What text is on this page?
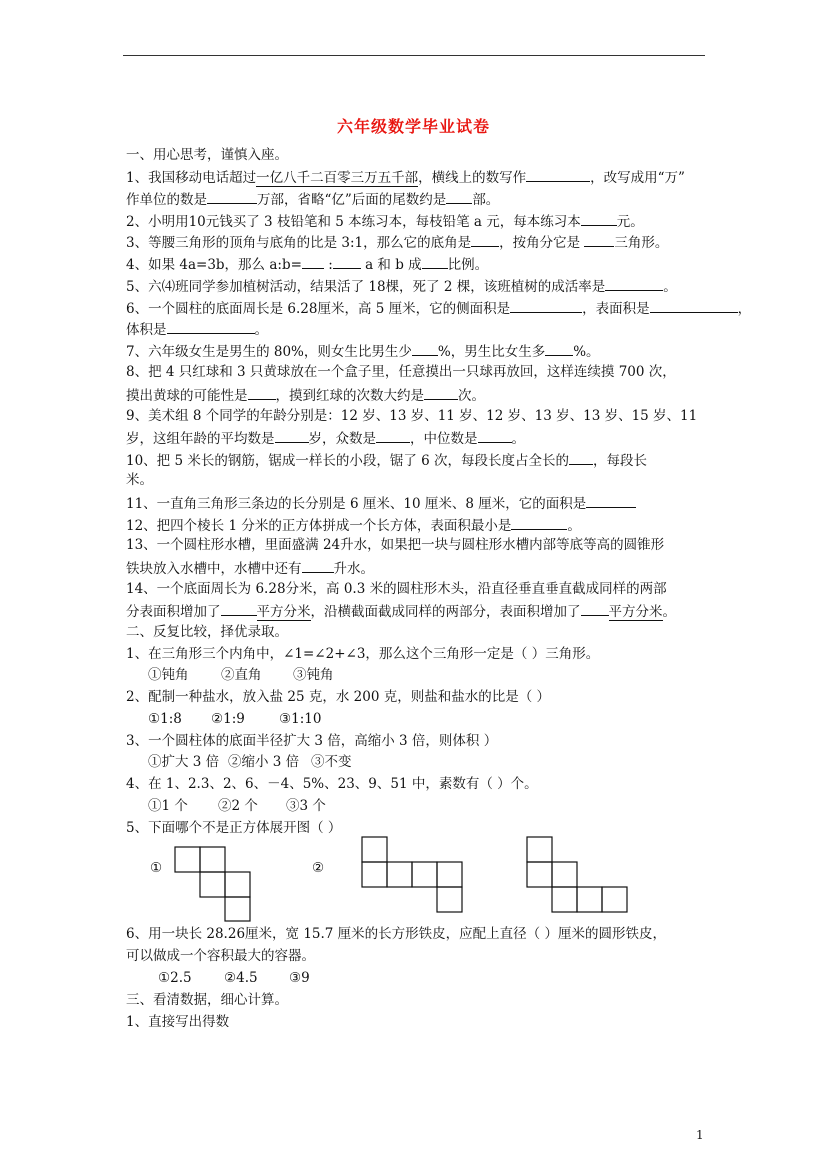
六年级数学毕业试卷
一、用心思考，谨慎入座。
1、我国移动电话超过一亿八千二百零三万五千部，横线上的数写作	，改写成用“万”
作单位的数是	万部，省略“亿”后面的尾数约是 部。
2、小明用10元钱买了 3 枝铅笔和 5 本练习本，每枝铅笔 a 元，每本练习本	元。
3、等腰三角形的顶角与底角的比是 3:1，那么它的底角是 ，按角分它是	三角形。
4、如果 4a=3b，那么 a:b= : a 和 b 成 比例。
5、六⑷班同学参加植树活动，结果活了 18棵，死了 2 棵，该班植树的成活率是	。
6、一个圆柱的底面周长是 6.28厘米，高 5 厘米，它的侧面积是	，表面积是	，
体积是	。
7、六年级女生是男生的 80%，则女生比男生少 %，男生比女生多 %。
8、把 4 只红球和 3 只黄球放在一个盒子里，任意摸出一只球再放回，这样连续摸 700 次，
摸出黄球的可能性是 ，摸到红球的次数大约是	次。
9、美术组 8 个同学的年龄分别是：12 岁、13 岁、11 岁、12 岁、13 岁、13 岁、15 岁、11
岁，这组年龄的平均数是	岁，众数是	，中位数是	。
10、把 5 米长的钢筋，锯成一样长的小段，锯了 6 次，每段长度占全长的 ，每段长
米。
11、一直角三角形三条边的长分别是 6 厘米、10 厘米、8 厘米，它的面积是
12、把四个棱长 1 分米的正方体拼成一个长方体，表面积最小是	。
13、一个圆柱形水槽，里面盛满 24升水，如果把一块与圆柱形水槽内部等底等高的圆锥形
铁块放入水槽中，水槽中还有 升水。
14、一个底面周长为 6.28分米，高 0.3 米的圆柱形木头，沿直径垂直垂直截成同样的两部
分表面积增加了	平方分米，沿横截面截成同样的两部分，表面积增加了 平方分米。
二、反复比较，择优录取。
1、在三角形三个内角中，∠1=∠2+∠3，那么这个三角形一定是（ ）三角形。
①钝角 ②直角 ③钝角
2、配制一种盐水，放入盐 25 克，水 200 克，则盐和盐水的比是（ ）
①1:8 ②1:9	③1:10
3、一个圆柱体的底面半径扩大 3 倍，高缩小 3 倍，则体积 ）
①扩大 3 倍 ②缩小 3 倍 ③不变
4、在 1、2.3、2、6、－4、5%、23、9、51 中，素数有（ ）个。
①1 个 ②2 个 ③3 个
5、下面哪个不是正方体展开图（ ）
①	②
6、用一块长 28.26厘米，宽 15.7 厘米的长方形铁皮，应配上直径（ ）厘米的圆形铁皮，
可以做成一个容积最大的容器。
①2.5 ②4.5 ③9
三、看清数据，细心计算。
1、直接写出得数
1
